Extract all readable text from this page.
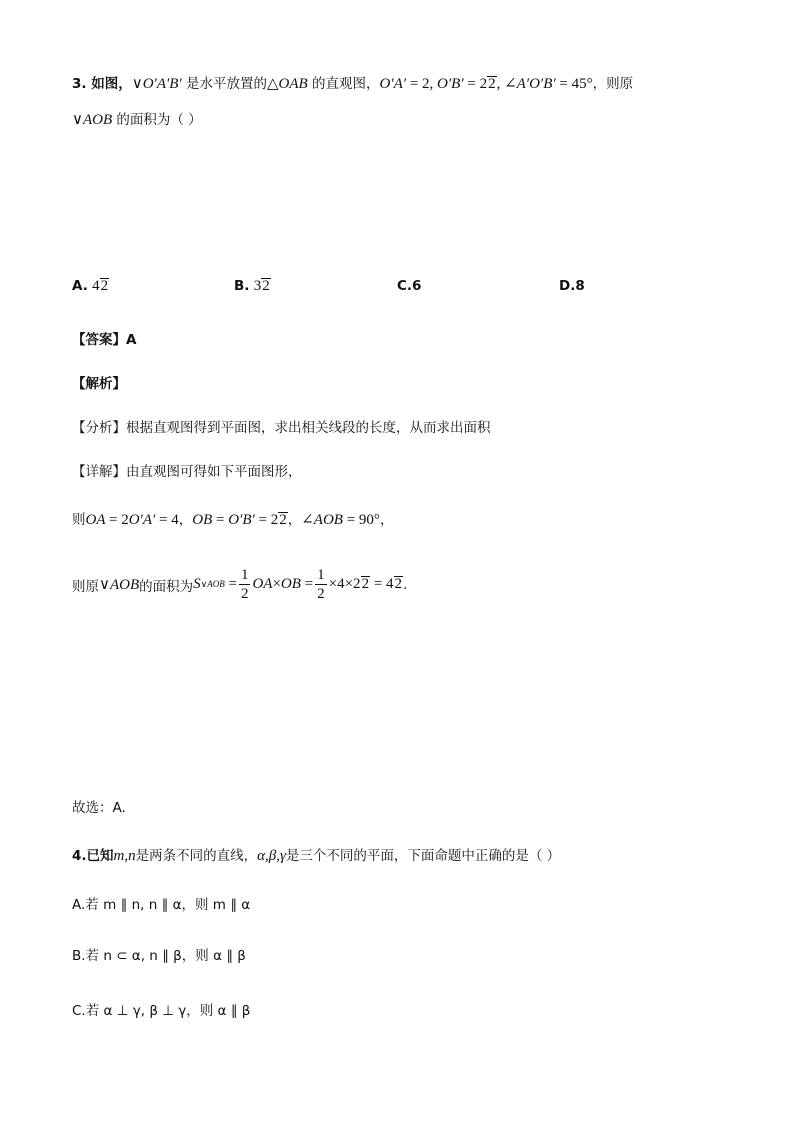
3. 如图，∨O′A′B′ 是水平放置的△OAB 的直观图，O′A′ = 2, O′B′ = 22, ∠A′O′B′ = 45°，则原
∨AOB 的面积为（ ）
A. 42	B. 32	C.6	D.8
【答案】A
【解析】
【分析】根据直观图得到平面图，求出相关线段的长度，从而求出面积
【详解】由直观图可得如下平面图形，
则OA = 2O′A′ = 4，OB = O′B′ = 22，∠AOB = 90°，
则原 ∨AOB 的面积为 S ∨AOB
= $\frac{1}{2}$ OA × OB = $\frac{1}{2} \times 4\times 2$ 2
= 4 2 .
故选：A.
4.已知m,n是两条不同的直线，α,β,γ是三个不同的平面，下面命题中正确的是（ ）
A.若 m ∥ n, n ∥ α，则 m ∥ α
B.若 n ⊂ α, n ∥ β，则 α ∥ β
C.若 α ⊥ γ, β ⊥ γ，则 α ∥ β
